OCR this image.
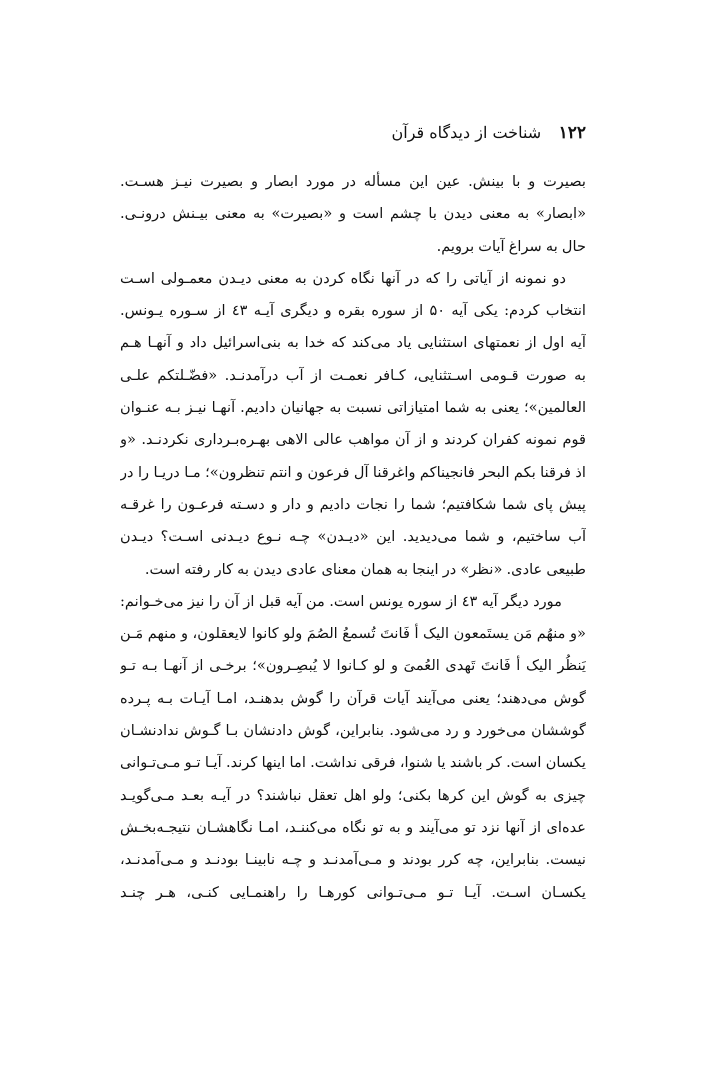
۱۲۲ شناخت از دیدگاه قرآن
بصیرت و با بینش. عین این مسأله در مورد ابصار و بصیرت نیـز هسـت.
«ابصار» به معنی دیدن با چشم است و «بصیرت» به معنی بیـنش درونـی.
حال به سراغ آیات برویم.
دو نمونه از آیاتی را که در آنها نگاه کردن به معنی دیـدن معمـولی اسـت
انتخاب کردم: یکی آیه ۵۰ از سوره بقره و دیگری آیـه ٤٣ از سـوره یـونس.
آیه اول از نعمتهای استثنایی یاد می‌کند که خدا به بنی‌اسرائیل داد و آنهـا هـم
به صورت قـومی اسـتثنایی، کـافر نعمـت از آب درآمدنـد. «فضّـلتکم علـی
العالمین»؛ یعنی به شما امتیازاتی نسبت به جهانیان دادیم. آنهـا نیـز بـه عنـوان
قوم نمونه کفران کردند و از آن مواهب عالی الاهی بهـره‌بـرداری نکردنـد. «و
اذ فرقنا بکم البحر فانجیناکم واغرقنا آل فرعون و انتم تنظرون»؛ مـا دریـا را در
پیش پای شما شکافتیم؛ شما را نجات دادیم و دار و دسـته فرعـون را غرقـه
آب ساختیم، و شما می‌دیدید. این «دیـدن» چـه نـوع دیـدنی اسـت؟ دیـدن
طبیعی عادی. «نظر» در اینجا به همان معنای عادی دیدن به کار رفته است.
مورد دیگر آیه ٤٣ از سوره یونس است. من آیه قبل از آن را نیز می‌خـوانم:
«و منهُم مَن یستَمعون الیک أ فَانتَ تُسمعُ الصُمَ ولو کانوا لایعقلون، و منهم مَـن
یَنظُر الیک أ فَانتَ تَهدی العُمیَ و لو کـانوا لا یُبصِـرون»؛ برخـی از آنهـا بـه تـو
گوش می‌دهند؛ یعنی می‌آیند آیات قرآن را گوش بدهنـد، امـا آیـات بـه پـرده
گوششان می‌خورد و رد می‌شود. بنابراین، گوش دادنشان بـا گـوش ندادنشـان
یکسان است. کر باشند یا شنوا، فرقی نداشت. اما اینها کرند. آیـا تـو مـی‌تـوانی
چیزی به گوش این کرها بکنی؛ ولو اهل تعقل نباشند؟ در آیـه بعـد مـی‌گویـد
عده‌ای از آنها نزد تو می‌آیند و به تو نگاه می‌کننـد، امـا نگاهشـان نتیجـه‌بخـش
نیست. بنابراین، چه کرر بودند و مـی‌آمدنـد و چـه نابینـا بودنـد و مـی‌آمدنـد،
یکسـان اسـت. آیـا تـو مـی‌تـوانی کورهـا را راهنمـایی کنـی، هـر چنـد
